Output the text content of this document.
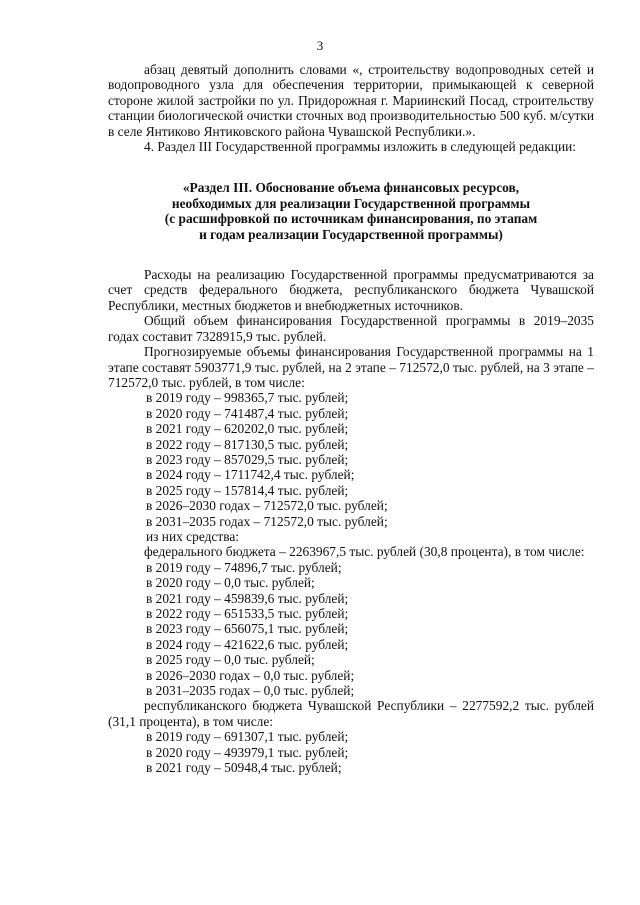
3

абзац девятый дополнить словами «, строительству водопроводных сетей и водопроводного узла для обеспечения территории, примыкающей к северной стороне жилой застройки по ул. Придорожная г. Мариинский Посад, строительству станции биологической очистки сточных вод производительностью 500 куб. м/сутки в селе Янтиково Янтиковского района Чувашской Республики.».

4. Раздел III Государственной программы изложить в следующей редакции:

«Раздел III. Обоснование объема финансовых ресурсов,
необходимых для реализации Государственной программы
(с расшифровкой по источникам финансирования, по этапам
и годам реализации Государственной программы)

Расходы на реализацию Государственной программы предусматриваются за счет средств федерального бюджета, республиканского бюджета Чувашской Республики, местных бюджетов и внебюджетных источников.

Общий объем финансирования Государственной программы в 2019–2035 годах составит 7328915,9 тыс. рублей.

Прогнозируемые объемы финансирования Государственной программы на 1 этапе составят 5903771,9 тыс. рублей, на 2 этапе – 712572,0 тыс. рублей, на 3 этапе – 712572,0 тыс. рублей, в том числе:

в 2019 году – 998365,7 тыс. рублей;

в 2020 году – 741487,4 тыс. рублей;

в 2021 году – 620202,0 тыс. рублей;

в 2022 году – 817130,5 тыс. рублей;

в 2023 году – 857029,5 тыс. рублей;

в 2024 году – 1711742,4 тыс. рублей;

в 2025 году – 157814,4 тыс. рублей;

в 2026–2030 годах – 712572,0 тыс. рублей;

в 2031–2035 годах – 712572,0 тыс. рублей;

из них средства:

федерального бюджета – 2263967,5 тыс. рублей (30,8 процента), в том числе:

в 2019 году – 74896,7 тыс. рублей;

в 2020 году – 0,0 тыс. рублей;

в 2021 году – 459839,6 тыс. рублей;

в 2022 году – 651533,5 тыс. рублей;

в 2023 году – 656075,1 тыс. рублей;

в 2024 году – 421622,6 тыс. рублей;

в 2025 году – 0,0 тыс. рублей;

в 2026–2030 годах – 0,0 тыс. рублей;

в 2031–2035 годах – 0,0 тыс. рублей;

республиканского бюджета Чувашской Республики – 2277592,2 тыс. рублей (31,1 процента), в том числе:

в 2019 году – 691307,1 тыс. рублей;

в 2020 году – 493979,1 тыс. рублей;

в 2021 году – 50948,4 тыс. рублей;
